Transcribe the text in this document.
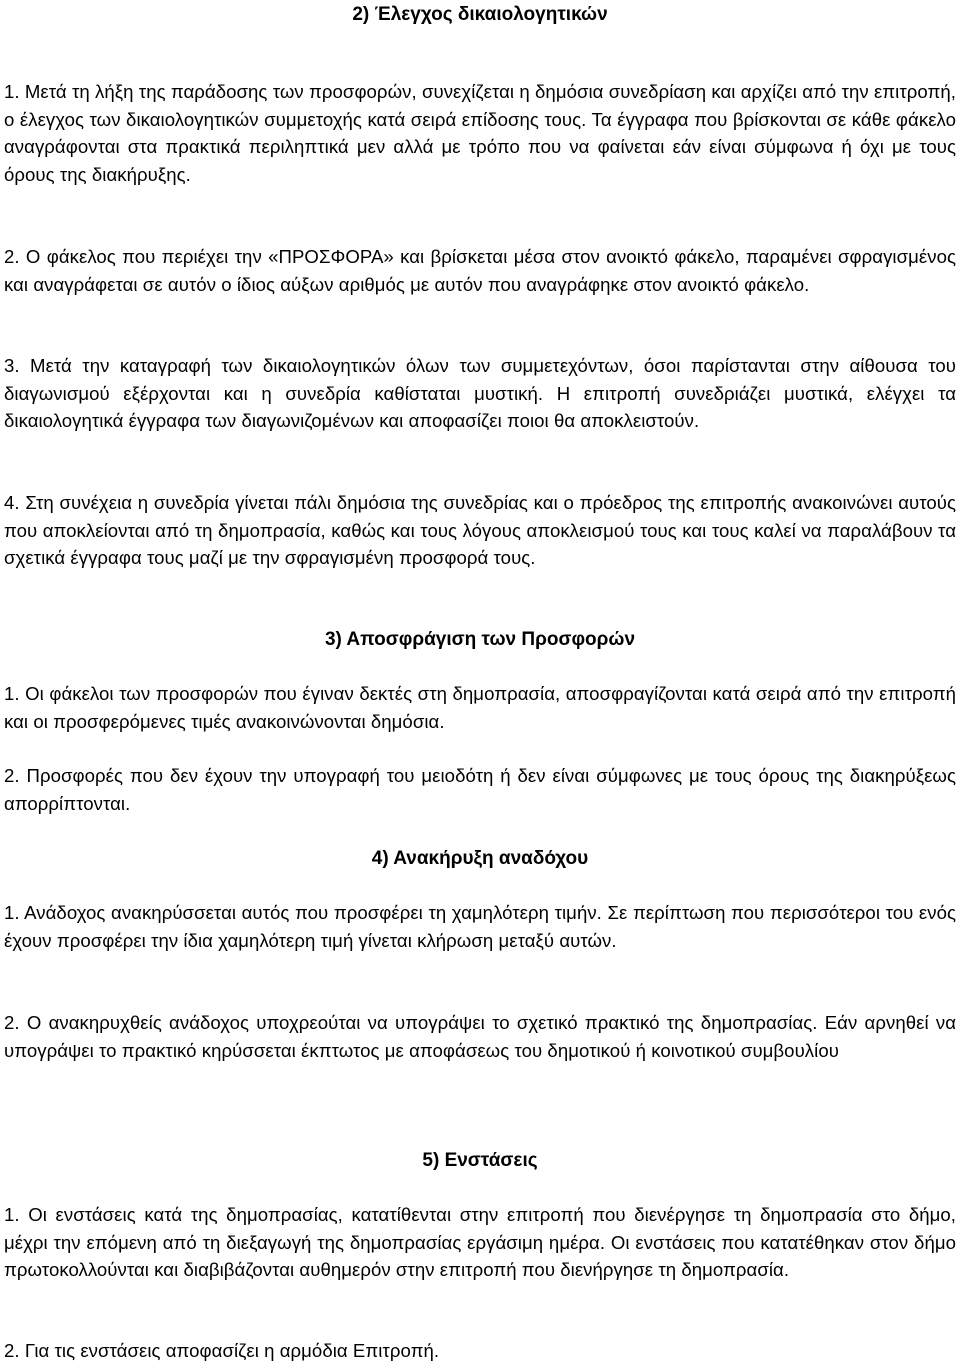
2) Έλεγχος δικαιολογητικών

1. Μετά τη λήξη της παράδοσης των προσφορών, συνεχίζεται η δημόσια συνεδρίαση και αρχίζει από την επιτροπή, ο έλεγχος των δικαιολογητικών συμμετοχής κατά σειρά επίδοσης τους. Τα έγγραφα που βρίσκονται σε κάθε φάκελο αναγράφονται στα πρακτικά περιληπτικά μεν αλλά με τρόπο που να φαίνεται εάν είναι σύμφωνα ή όχι με τους όρους της διακήρυξης.

2. Ο φάκελος που περιέχει την «ΠΡΟΣΦΟΡΑ» και βρίσκεται μέσα στον ανοικτό φάκελο, παραμένει σφραγισμένος και αναγράφεται σε αυτόν ο ίδιος αύξων αριθμός με αυτόν που αναγράφηκε στον ανοικτό φάκελο.

3. Μετά την καταγραφή των δικαιολογητικών όλων των συμμετεχόντων, όσοι παρίστανται στην αίθουσα του διαγωνισμού εξέρχονται και η συνεδρία καθίσταται μυστική. Η επιτροπή συνεδριάζει μυστικά, ελέγχει τα δικαιολογητικά έγγραφα των διαγωνιζομένων και αποφασίζει ποιοι θα αποκλειστούν.

4. Στη συνέχεια η συνεδρία γίνεται πάλι δημόσια της συνεδρίας και ο πρόεδρος της επιτροπής ανακοινώνει αυτούς που αποκλείονται από τη δημοπρασία, καθώς και τους λόγους αποκλεισμού τους και τους καλεί να παραλάβουν τα σχετικά έγγραφα τους μαζί με την σφραγισμένη προσφορά τους.

3) Αποσφράγιση των Προσφορών

1. Οι φάκελοι των προσφορών που έγιναν δεκτές στη δημοπρασία, αποσφραγίζονται κατά σειρά από την επιτροπή και οι προσφερόμενες τιμές ανακοινώνονται δημόσια.

2. Προσφορές που δεν έχουν την υπογραφή του μειοδότη ή δεν είναι σύμφωνες με τους όρους της διακηρύξεως απορρίπτονται.

4) Ανακήρυξη αναδόχου

1. Ανάδοχος ανακηρύσσεται αυτός που προσφέρει τη χαμηλότερη τιμήν. Σε περίπτωση που περισσότεροι του ενός έχουν προσφέρει την ίδια χαμηλότερη τιμή γίνεται κλήρωση μεταξύ αυτών.

2. Ο ανακηρυχθείς ανάδοχος υποχρεούται να υπογράψει το σχετικό πρακτικό της δημοπρασίας. Εάν αρνηθεί να υπογράψει το πρακτικό κηρύσσεται έκπτωτος με αποφάσεως του δημοτικού ή κοινοτικού συμβουλίου

5) Ενστάσεις

1. Οι ενστάσεις κατά της δημοπρασίας, κατατίθενται στην επιτροπή που διενέργησε τη δημοπρασία στο δήμο, μέχρι την επόμενη από τη διεξαγωγή της δημοπρασίας εργάσιμη ημέρα. Οι ενστάσεις που κατατέθηκαν στον δήμο πρωτοκολλούνται και διαβιβάζονται αυθημερόν στην επιτροπή που διενήργησε τη δημοπρασία.

2. Για τις ενστάσεις αποφασίζει η αρμόδια Επιτροπή.
